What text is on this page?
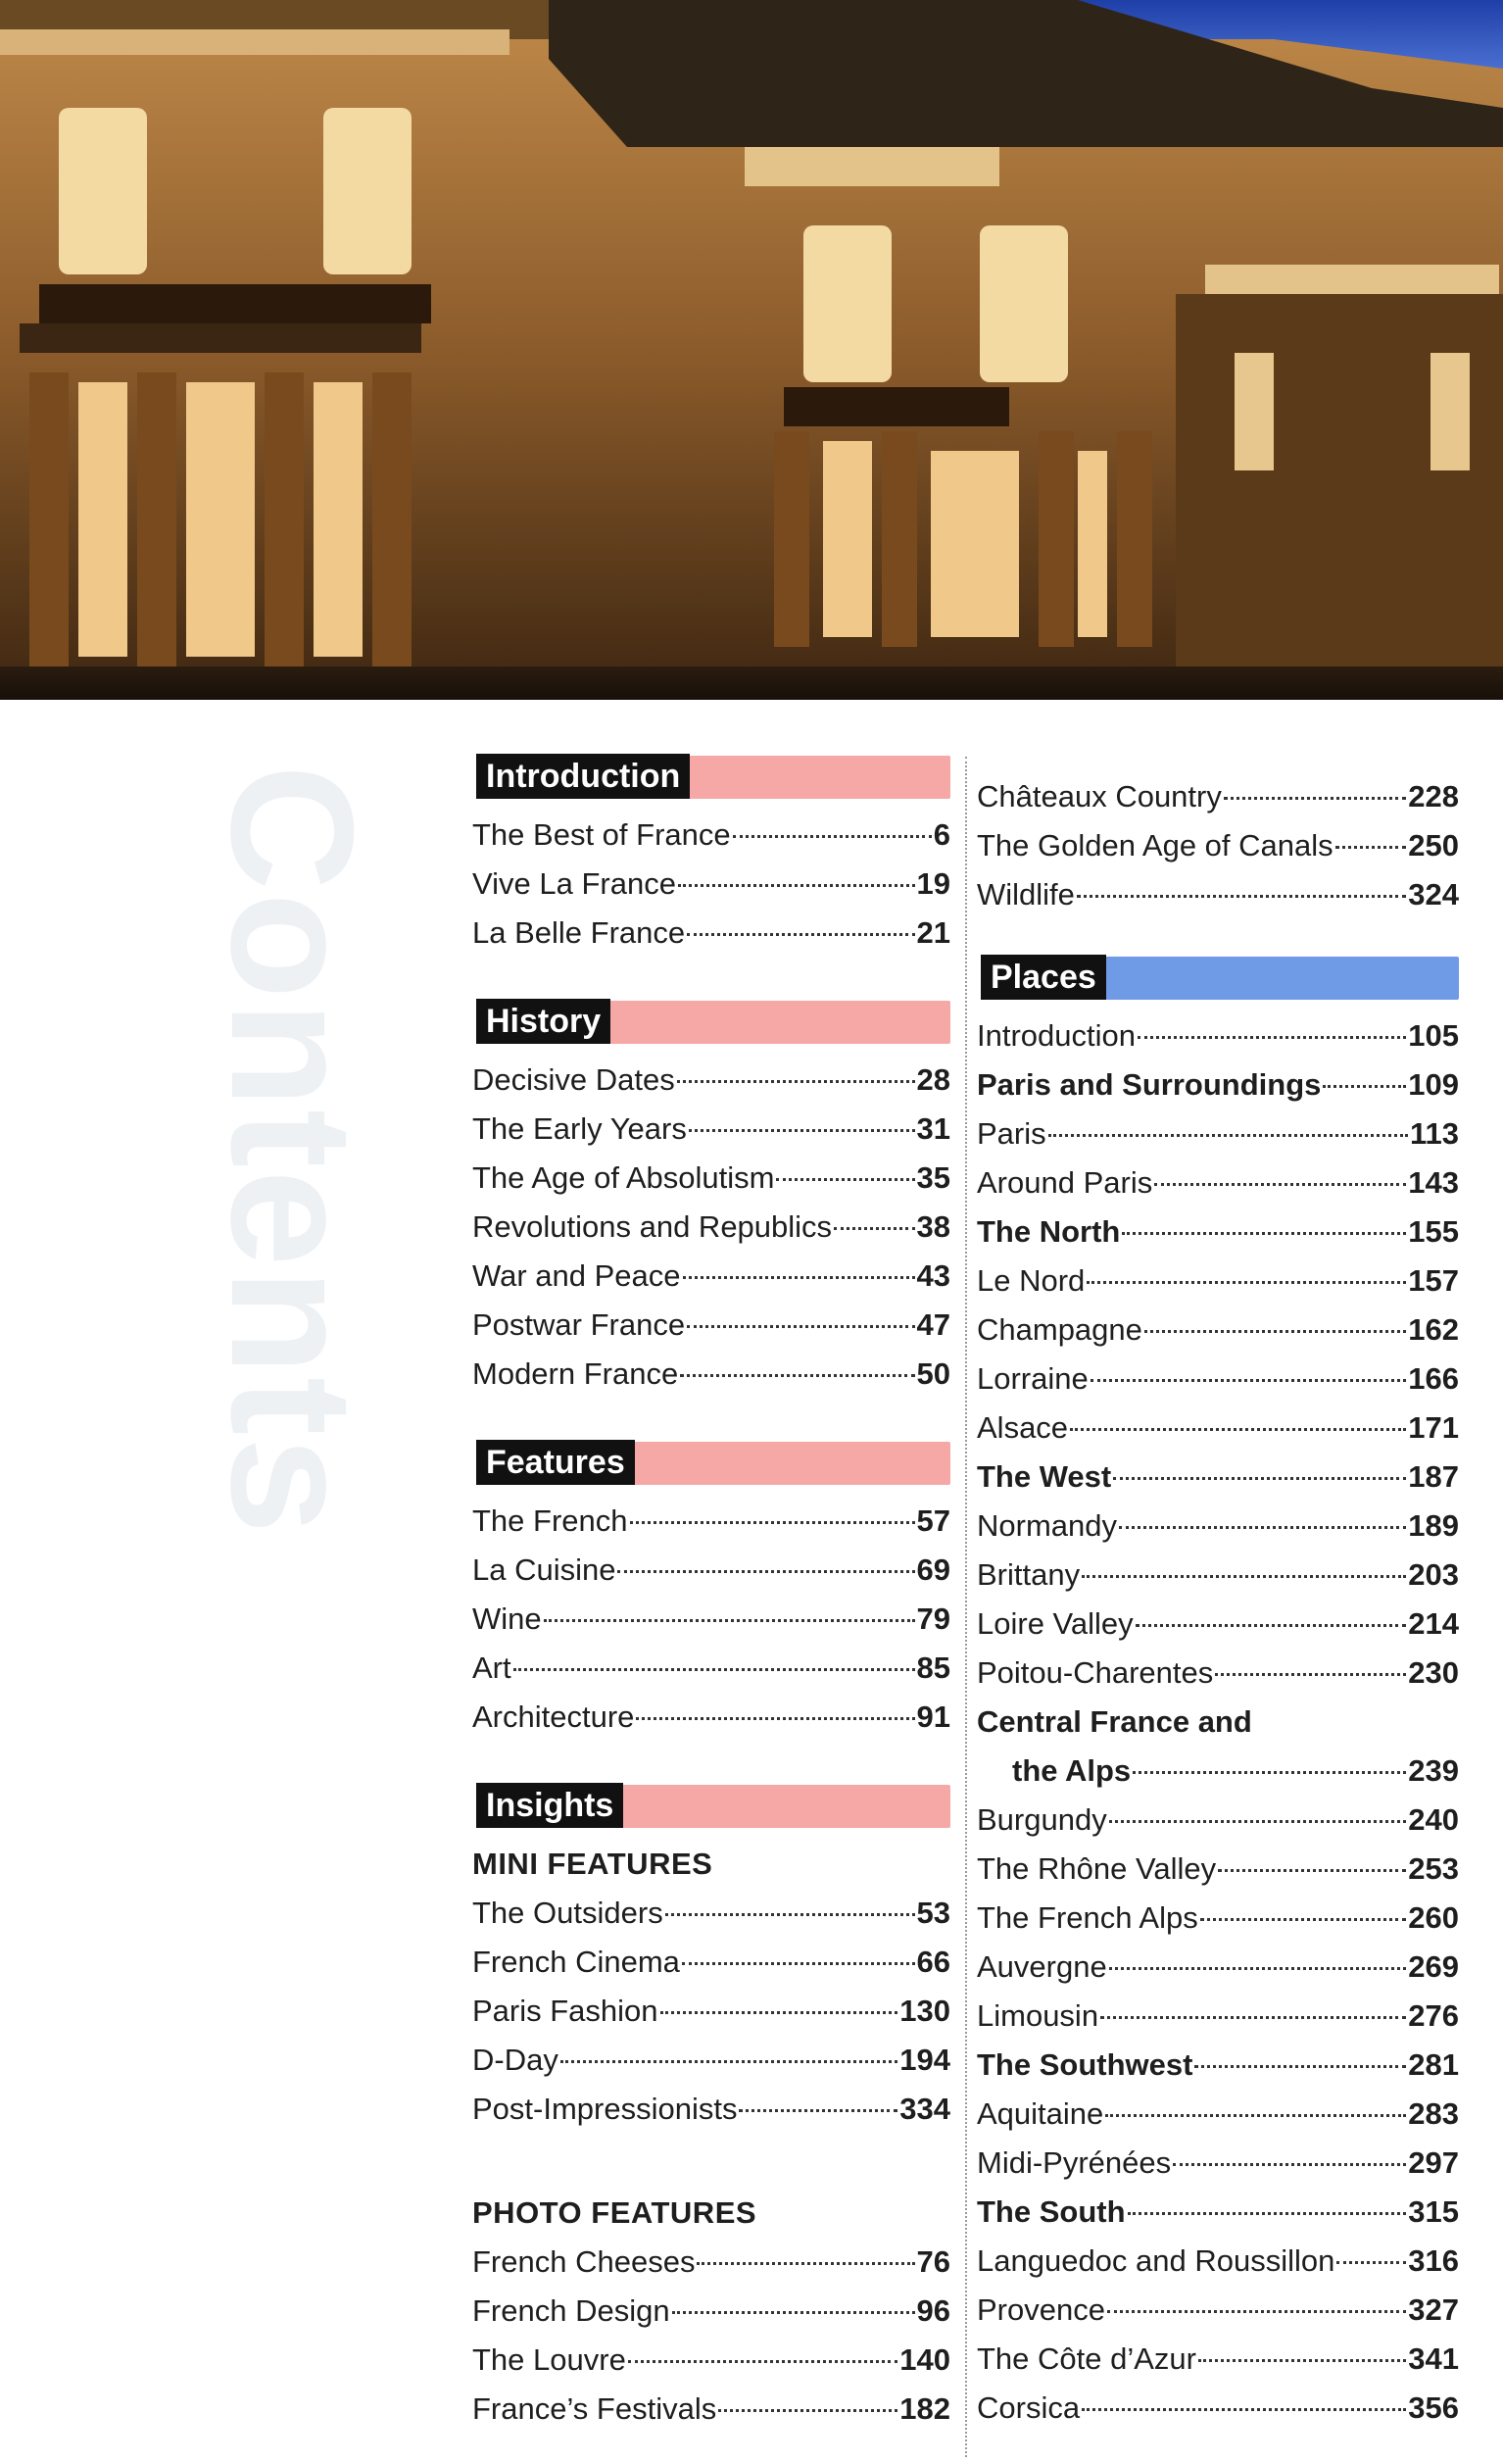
Contents	Introduction
The Best of France	6
Vive La France	19
La Belle France	21
History
Decisive Dates	28
The Early Years	31
The Age of Absolutism	35
Revolutions and Republics	38
War and Peace	43
Postwar France	47
Modern France	50
Features
The French	57
La Cuisine	69
Wine	79
Art	85
Architecture	91
Insights
MINI FEATURES
The Outsiders	53
French Cinema	66
Paris Fashion	130
D-Day	194
Post-Impressionists	334
PHOTO FEATURES
French Cheeses	76
French Design	96
The Louvre	140
France’s Festivals	182
Châteaux Country	228
The Golden Age of Canals 250
Wildlife	324
Places
Introduction	105
Paris and Surroundings	109
Paris	113
Around Paris	143
The North	155
Le Nord	157
Champagne	162
Lorraine	166
Alsace	171
The West	187
Normandy	189
Brittany	203
Loire Valley	214
Poitou-Charentes	230
Central France and
the Alps	239
Burgundy	240
The Rhône Valley	253
The French Alps	260
Auvergne	269
Limousin	276
The Southwest	281
Aquitaine	283
Midi-Pyrénées	297
The South	315
Languedoc and Roussillon 316
Provence	327
The Côte d’Azur	341
Corsica	356
